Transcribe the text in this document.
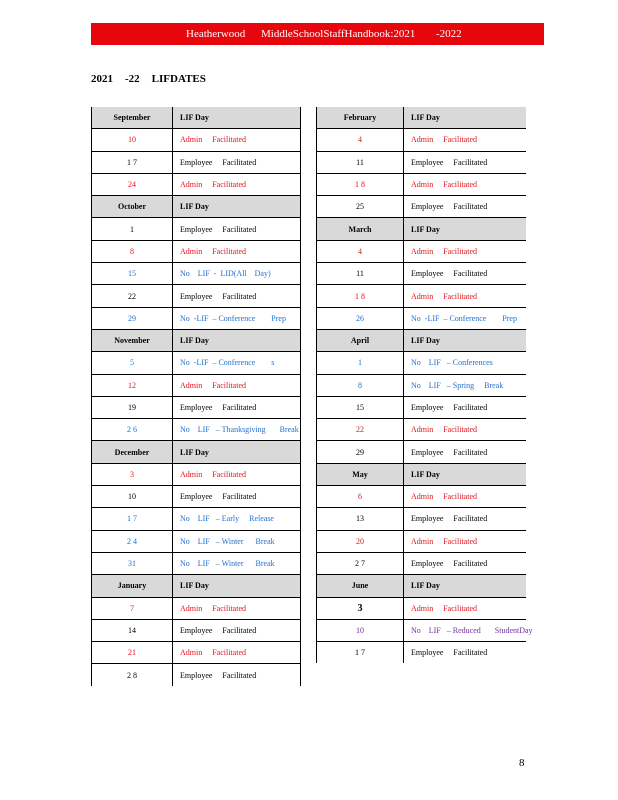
Heatherwood MiddleSchoolStaffHandbook:2021 -2022
2021 -22 LIFDATES
September	LIF Day
10	Admin     Facilitated
1 7	Employee     Facilitated
24	Admin     Facilitated
October	LIF Day
1	Employee     Facilitated
8	Admin     Facilitated
15	No    LIF  -  LID(All    Day)
22	Employee     Facilitated
29	No  -LIF  – Conference        Prep
November	LIF Day
5	No  -LIF  – Conference        s
12	Admin     Facilitated
19	Employee     Facilitated
2 6	No    LIF   – Thanksgiving       Break
December	LIF Day
3	Admin     Facilitated
10	Employee     Facilitated
1 7	No    LIF   – Early     Release
2 4	No    LIF   – Winter      Break
31	No    LIF   – Winter      Break
January	LIF Day
7	Admin     Facilitated
14	Employee     Facilitated
21	Admin     Facilitated
2 8	Employee     Facilitated
February	LIF Day
4	Admin     Facilitated
11	Employee     Facilitated
1 8	Admin     Facilitated
25	Employee     Facilitated
March	LIF Day
4	Admin     Facilitated
11	Employee     Facilitated
1 8	Admin     Facilitated
26	No  -LIF  – Conference        Prep
April	LIF Day
1	No    LIF   – Conferences
8	No    LIF   – Spring     Break
15	Employee     Facilitated
22	Admin     Facilitated
29	Employee     Facilitated
May	LIF Day
6	Admin     Facilitated
13	Employee     Facilitated
20	Admin     Facilitated
2 7	Employee     Facilitated
June	LIF Day
3	Admin     Facilitated
10	No    LIF   – Reduced       StudentDay
1 7	Employee     Facilitated
8
